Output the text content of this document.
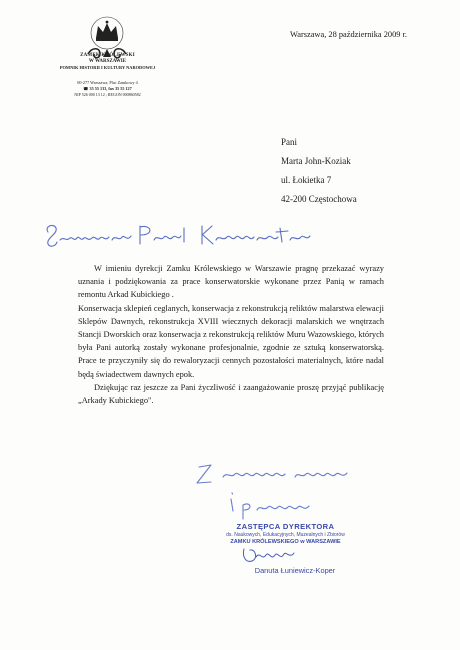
ZAMEK KRÓLEWSKI
W WARSZAWIE
POMNIK HISTORII I KULTURY NARODOWEJ
00-277 Warszawa, Plac Zamkowy 4
☎ 35 55 133, fax 35 55 127
NIP 526 000 13 12 ; REGON 000860582
Warszawa, 28 października 2009 r.
Pani
Marta John-Koziak
ul. Łokietka 7
42-200 Częstochowa

W imieniu dyrekcji Zamku Królewskiego w Warszawie pragnę przekazać wyrazy uznania i podziękowania za prace konserwatorskie wykonane przez Panią w ramach remontu Arkad Kubickiego .

Konserwacja sklepień ceglanych, konserwacja z rekonstrukcją reliktów malarstwa elewacji Sklepów Dawnych, rekonstrukcja XVIII wiecznych dekoracji malarskich we wnętrzach Stancji Dworskich oraz konserwacja z rekonstrukcją reliktów Muru Wazowskiego, których była Pani autorką zostały wykonane profesjonalnie, zgodnie ze sztuką konserwatorską. Prace te przyczyniły się do rewaloryzacji cennych pozostałości materialnych, które nadal będą świadectwem dawnych epok.

Dziękując raz jeszcze za Pani życzliwość i zaangażowanie proszę przyjąć publikację „Arkady Kubickiego".

ZASTĘPCA DYREKTORA
ds. Naukowych, Edukacyjnych, Muzealnych i Zbiorów
ZAMKU KRÓLEWSKIEGO w WARSZAWIE
Danuta Łuniewicz-Koper
